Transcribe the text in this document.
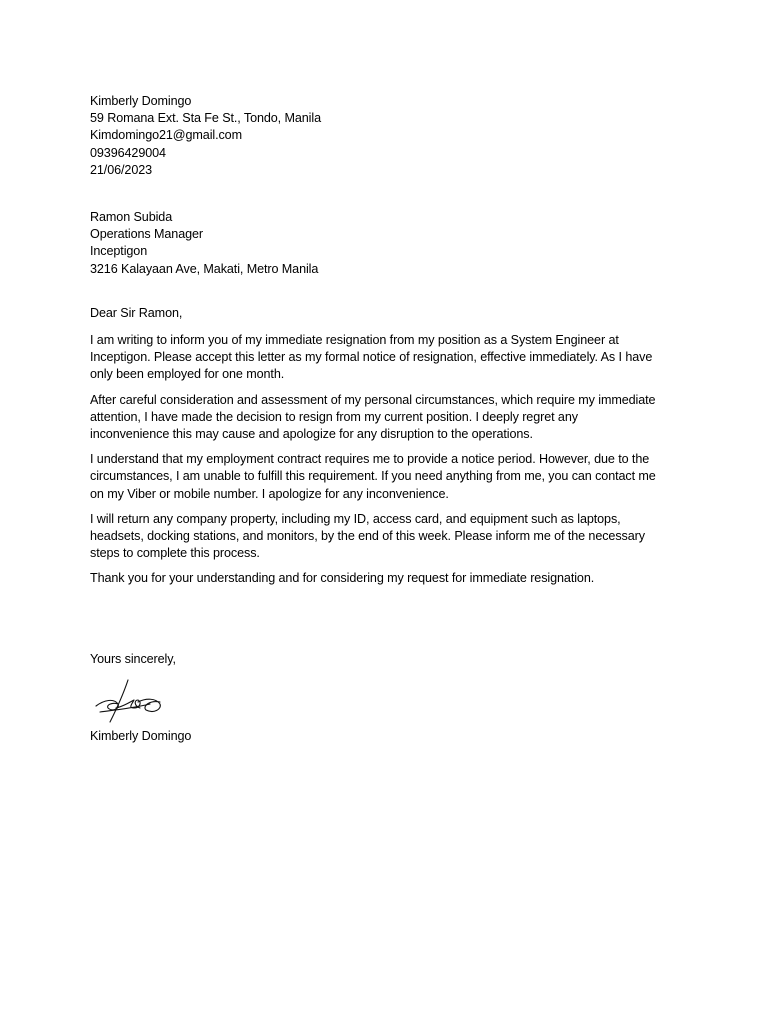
Kimberly Domingo
59 Romana Ext. Sta Fe St., Tondo, Manila
Kimdomingo21@gmail.com
09396429004
21/06/2023
Ramon Subida
Operations Manager
Inceptigon
3216 Kalayaan Ave, Makati, Metro Manila
Dear Sir Ramon,
I am writing to inform you of my immediate resignation from my position as a System Engineer at
Inceptigon. Please accept this letter as my formal notice of resignation, effective immediately. As I have
only been employed for one month.
After careful consideration and assessment of my personal circumstances, which require my immediate
attention, I have made the decision to resign from my current position. I deeply regret any
inconvenience this may cause and apologize for any disruption to the operations.
I understand that my employment contract requires me to provide a notice period. However, due to the
circumstances, I am unable to fulfill this requirement. If you need anything from me, you can contact me
on my Viber or mobile number. I apologize for any inconvenience.
I will return any company property, including my ID, access card, and equipment such as laptops,
headsets, docking stations, and monitors, by the end of this week. Please inform me of the necessary
steps to complete this process.
Thank you for your understanding and for considering my request for immediate resignation.
Yours sincerely,
Kimberly Domingo
